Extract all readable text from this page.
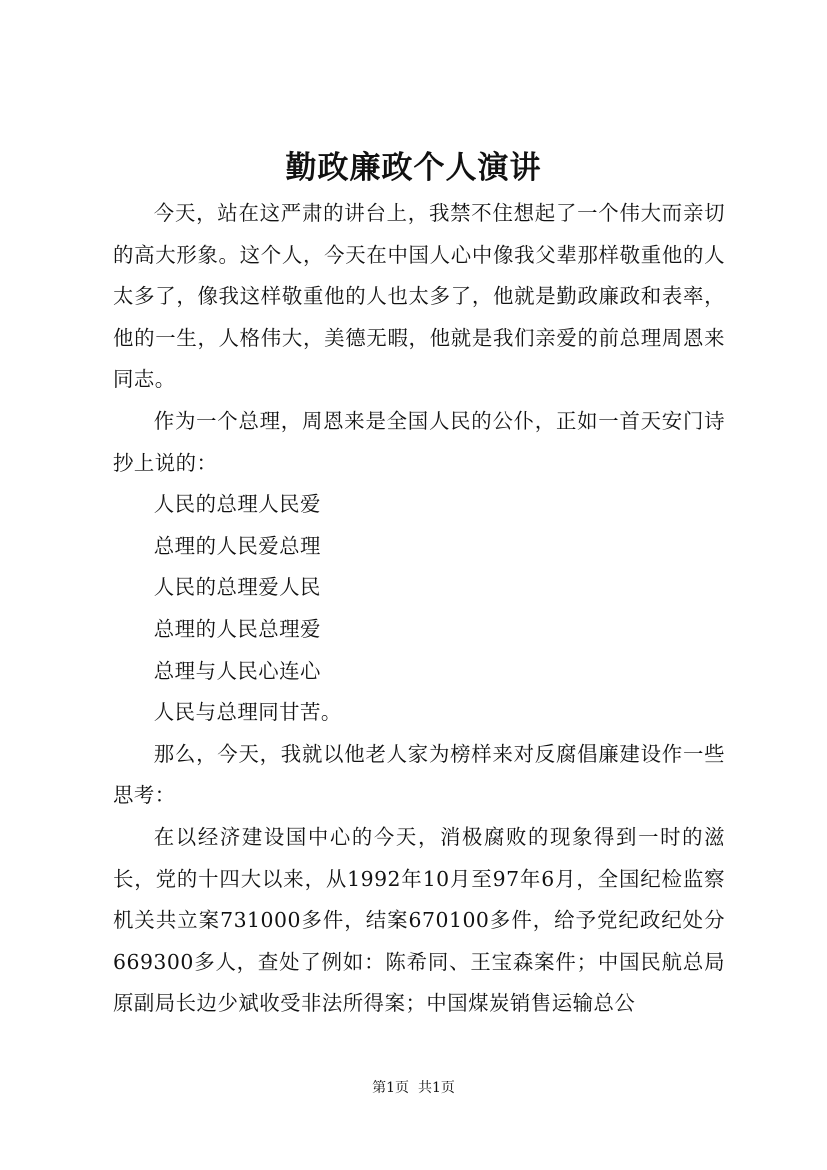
勤政廉政个人演讲

今天，站在这严肃的讲台上，我禁不住想起了一个伟大而亲切的高大形象。这个人，今天在中国人心中像我父辈那样敬重他的人太多了，像我这样敬重他的人也太多了，他就是勤政廉政和表率，他的一生，人格伟大，美德无暇，他就是我们亲爱的前总理周恩来同志。

作为一个总理，周恩来是全国人民的公仆，正如一首天安门诗抄上说的：

人民的总理人民爱

总理的人民爱总理

人民的总理爱人民

总理的人民总理爱

总理与人民心连心

人民与总理同甘苦。

那么，今天，我就以他老人家为榜样来对反腐倡廉建设作一些思考：

在以经济建设国中心的今天，消极腐败的现象得到一时的滋长，党的十四大以来，从1992年10月至97年6月，全国纪检监察机关共立案731000多件，结案670100多件，给予党纪政纪处分669300多人，查处了例如：陈希同、王宝森案件；中国民航总局原副局长边少斌收受非法所得案；中国煤炭销售运输总公

第1页  共1页
